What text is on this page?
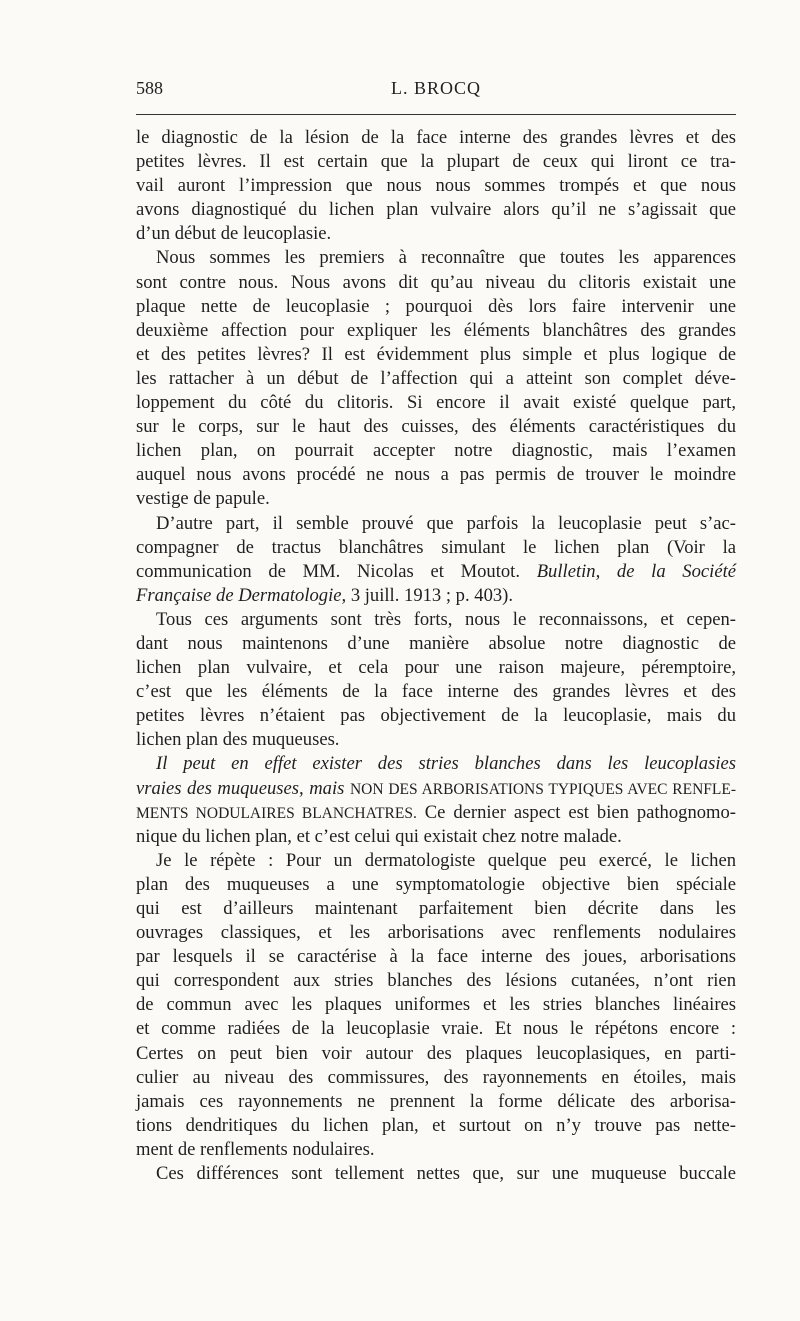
588	L. BROCQ
le diagnostic de la lésion de la face interne des grandes lèvres et des
petites lèvres. Il est certain que la plupart de ceux qui liront ce tra-
vail auront l’impression que nous nous sommes trompés et que nous
avons diagnostiqué du lichen plan vulvaire alors qu’il ne s’agissait que
d’un début de leucoplasie.
Nous sommes les premiers à reconnaître que toutes les apparences
sont contre nous. Nous avons dit qu’au niveau du clitoris existait une
plaque nette de leucoplasie ; pourquoi dès lors faire intervenir une
deuxième affection pour expliquer les éléments blanchâtres des grandes
et des petites lèvres? Il est évidemment plus simple et plus logique de
les rattacher à un début de l’affection qui a atteint son complet déve-
loppement du côté du clitoris. Si encore il avait existé quelque part,
sur le corps, sur le haut des cuisses, des éléments caractéristiques du
lichen plan, on pourrait accepter notre diagnostic, mais l’examen
auquel nous avons procédé ne nous a pas permis de trouver le moindre
vestige de papule.
D’autre part, il semble prouvé que parfois la leucoplasie peut s’ac-
compagner de tractus blanchâtres simulant le lichen plan (Voir la
communication de MM. Nicolas et Moutot. Bulletin, de la Société
Française de Dermatologie, 3 juill. 1913 ; p. 403).
Tous ces arguments sont très forts, nous le reconnaissons, et cepen-
dant nous maintenons d’une manière absolue notre diagnostic de
lichen plan vulvaire, et cela pour une raison majeure, péremptoire,
c’est que les éléments de la face interne des grandes lèvres et des
petites lèvres n’étaient pas objectivement de la leucoplasie, mais du
lichen plan des muqueuses.
Il peut en effet exister des stries blanches dans les leucoplasies
vraies des muqueuses, mais NON DES ARBORISATIONS TYPIQUES AVEC RENFLE-
MENTS NODULAIRES BLANCHATRES. Ce dernier aspect est bien pathognomo-
nique du lichen plan, et c’est celui qui existait chez notre malade.
Je le répète : Pour un dermatologiste quelque peu exercé, le lichen
plan des muqueuses a une symptomatologie objective bien spéciale
qui est d’ailleurs maintenant parfaitement bien décrite dans les
ouvrages classiques, et les arborisations avec renflements nodulaires
par lesquels il se caractérise à la face interne des joues, arborisations
qui correspondent aux stries blanches des lésions cutanées, n’ont rien
de commun avec les plaques uniformes et les stries blanches linéaires
et comme radiées de la leucoplasie vraie. Et nous le répétons encore :
Certes on peut bien voir autour des plaques leucoplasiques, en parti-
culier au niveau des commissures, des rayonnements en étoiles, mais
jamais ces rayonnements ne prennent la forme délicate des arborisa-
tions dendritiques du lichen plan, et surtout on n’y trouve pas nette-
ment de renflements nodulaires.
Ces différences sont tellement nettes que, sur une muqueuse buccale
